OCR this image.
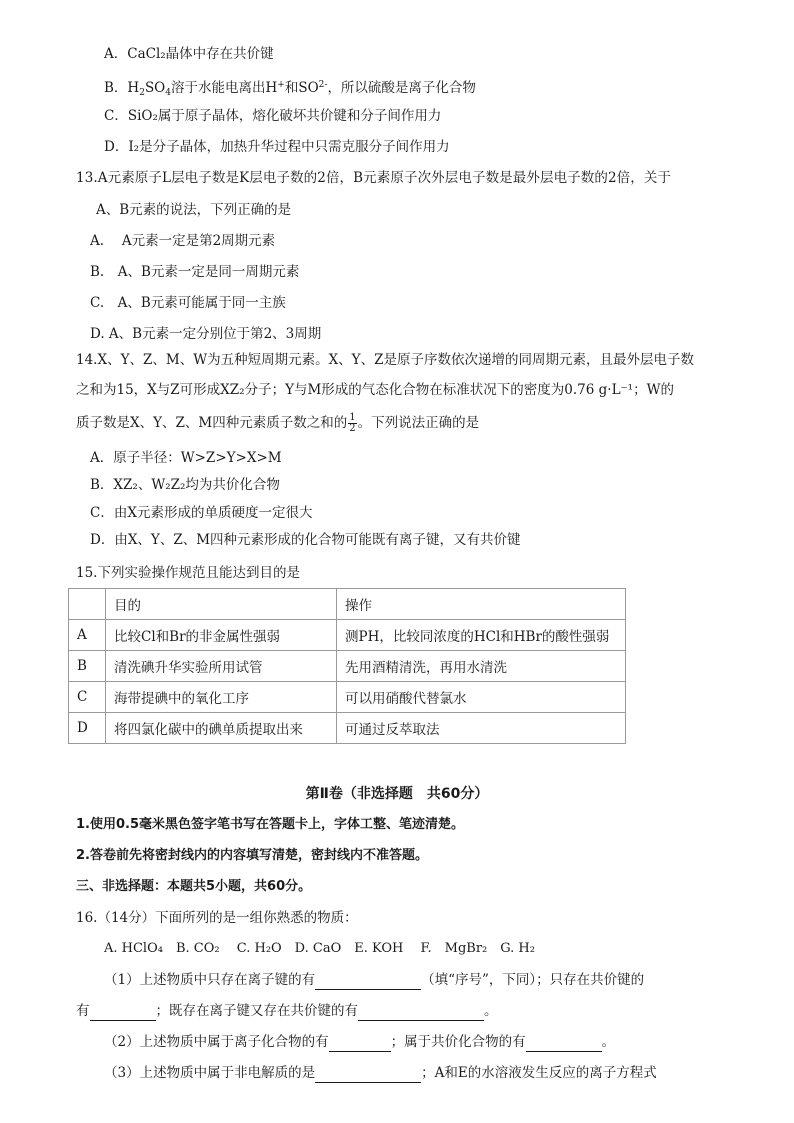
A．CaCl₂晶体中存在共价键
B．$H_2SO_4$溶于水能电离出H+和$SO^{2-}$，所以硫酸是离子化合物
C．SiO₂属于原子晶体，熔化破坏共价键和分子间作用力
D．I₂是分子晶体，加热升华过程中只需克服分子间作用力
13.A元素原子L层电子数是K层电子数的2倍，B元素原子次外层电子数是最外层电子数的2倍，关于
A、B元素的说法，下列正确的是
A.　 A元素一定是第2周期元素
B.　A、B元素一定是同一周期元素
C.　A、B元素可能属于同一主族
D. A、B元素一定分别位于第2、3周期
14.X、Y、Z、M、W为五种短周期元素。X、Y、Z是原子序数依次递增的同周期元素，且最外层电子数
之和为15，X与Z可形成XZ₂分子；Y与M形成的气态化合物在标准状况下的密度为0.76 g·L⁻¹；W的
质子数是X、Y、Z、M四种元素质子数之和的 $\frac{1}{2}$ 。下列说法正确的是
A．原子半径：W>Z>Y>X>M
B．XZ₂、W₂Z₂均为共价化合物
C．由X元素形成的单质硬度一定很大
D．由X、Y、Z、M四种元素形成的化合物可能既有离子键，又有共价键
15.下列实验操作规范且能达到目的是
	目的	操作
A	比较Cl和Br的非金属性强弱	测PH，比较同浓度的HCl和HBr的酸性强弱
B	清洗碘升华实验所用试管	先用酒精清洗，再用水清洗
C	海带提碘中的氧化工序	可以用硝酸代替氯水
D	将四氯化碳中的碘单质提取出来	可通过反萃取法
第Ⅱ卷（非选择题　共60分）
1.使用0.5毫米黑色签字笔书写在答题卡上，字体工整、笔迹清楚。
2.答卷前先将密封线内的内容填写清楚，密封线内不准答题。
三、非选择题：本题共5小题，共60分。
16.（14分）下面所列的是一组你熟悉的物质：
A. HClO₄　B. CO₂　 C. H₂O　D. CaO　E. KOH　 F.　MgBr₂　G. H₂
（1）上述物质中只存在离子键的有	（填“序号”，下同）；只存在共价键的
有	；既存在离子键又存在共价键的有	。
（2）上述物质中属于离子化合物的有	；属于共价化合物的有	。
（3）上述物质中属于非电解质的是	；A和E的水溶液发生反应的离子方程式
